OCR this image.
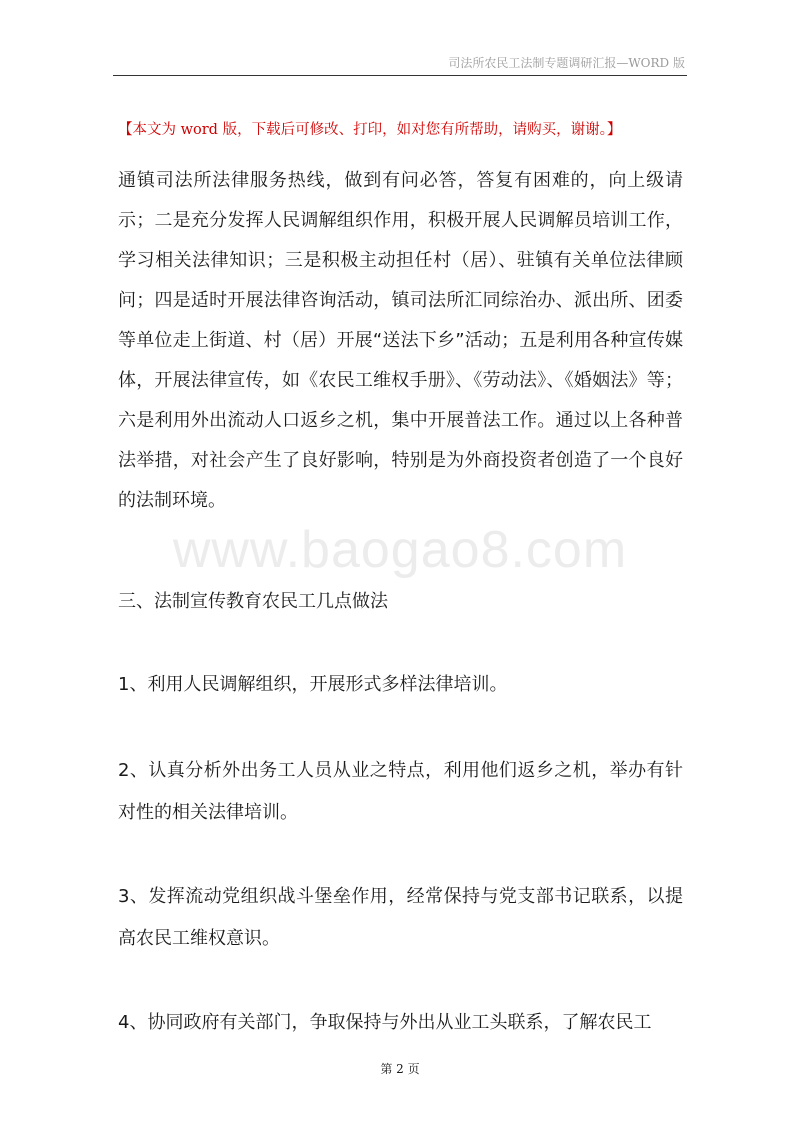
司法所农民工法制专题调研汇报—WORD 版
【本文为 word 版，下载后可修改、打印，如对您有所帮助，请购买，谢谢。】

通镇司法所法律服务热线，做到有问必答，答复有困难的，向上级请示；二是充分发挥人民调解组织作用，积极开展人民调解员培训工作，学习相关法律知识；三是积极主动担任村（居）、驻镇有关单位法律顾问；四是适时开展法律咨询活动，镇司法所汇同综治办、派出所、团委等单位走上街道、村（居）开展“送法下乡”活动；五是利用各种宣传媒体，开展法律宣传，如《农民工维权手册》、《劳动法》、《婚姻法》等；六是利用外出流动人口返乡之机，集中开展普法工作。通过以上各种普法举措，对社会产生了良好影响，特别是为外商投资者创造了一个良好的法制环境。

www.baogao8.com
三、法制宣传教育农民工几点做法

1、利用人民调解组织，开展形式多样法律培训。

2、认真分析外出务工人员从业之特点，利用他们返乡之机，举办有针对性的相关法律培训。

3、发挥流动党组织战斗堡垒作用，经常保持与党支部书记联系，以提高农民工维权意识。

4、协同政府有关部门，争取保持与外出从业工头联系，了解农民工

第 2 页
